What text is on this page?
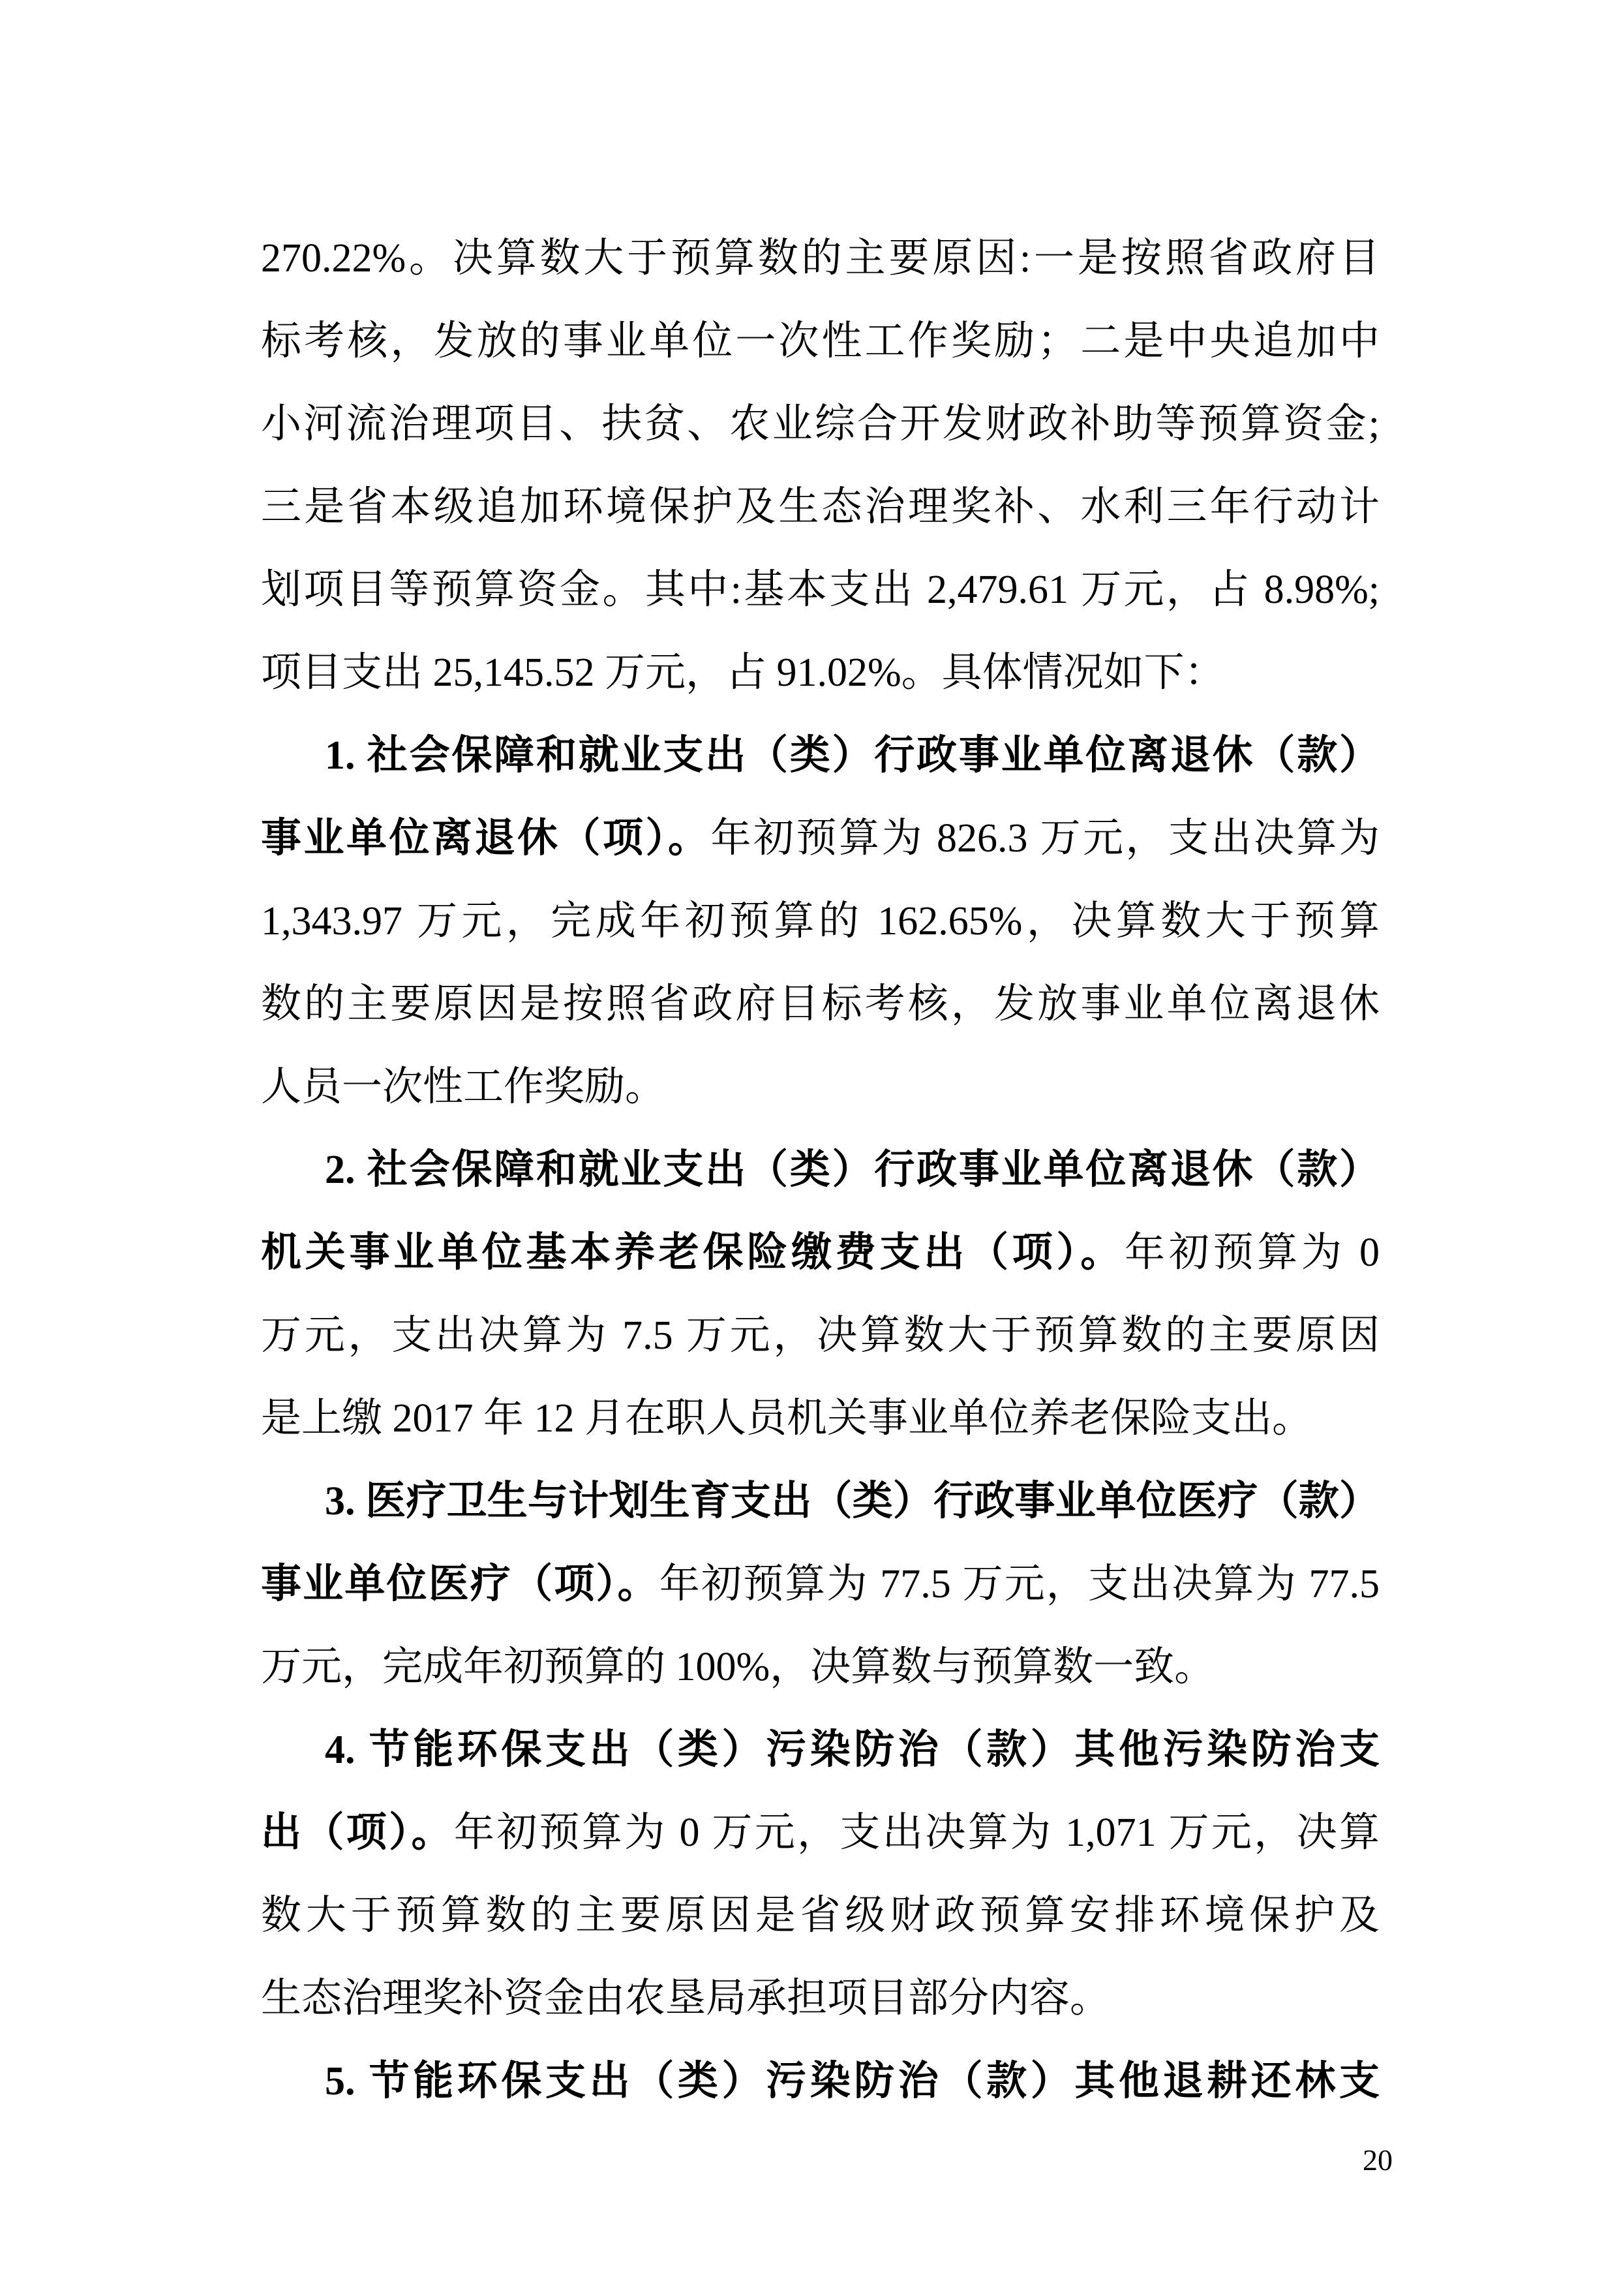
270.22%。决算数大于预算数的主要原因:一是按照省政府目
标考核，发放的事业单位一次性工作奖励；二是中央追加中
小河流治理项目、扶贫、农业综合开发财政补助等预算资金;
三是省本级追加环境保护及生态治理奖补、水利三年行动计
划项目等预算资金。其中:基本支出 2,479.61 万元，占 8.98%;
项目支出 25,145.52 万元，占 91.02%。具体情况如下：
1. 社会保障和就业支出（类）行政事业单位离退休（款）
事业单位离退休（项）。年初预算为 826.3 万元，支出决算为
1,343.97 万元，完成年初预算的 162.65%，决算数大于预算
数的主要原因是按照省政府目标考核，发放事业单位离退休
人员一次性工作奖励。
2. 社会保障和就业支出（类）行政事业单位离退休（款）
机关事业单位基本养老保险缴费支出（项）。年初预算为 0
万元，支出决算为 7.5 万元，决算数大于预算数的主要原因
是上缴 2017 年 12 月在职人员机关事业单位养老保险支出。
3. 医疗卫生与计划生育支出（类）行政事业单位医疗（款）
事业单位医疗（项）。年初预算为 77.5 万元，支出决算为 77.5
万元，完成年初预算的 100%，决算数与预算数一致。
4. 节能环保支出（类）污染防治（款）其他污染防治支
出（项）。年初预算为 0 万元，支出决算为 1,071 万元，决算
数大于预算数的主要原因是省级财政预算安排环境保护及
生态治理奖补资金由农垦局承担项目部分内容。
5. 节能环保支出（类）污染防治（款）其他退耕还林支
20
